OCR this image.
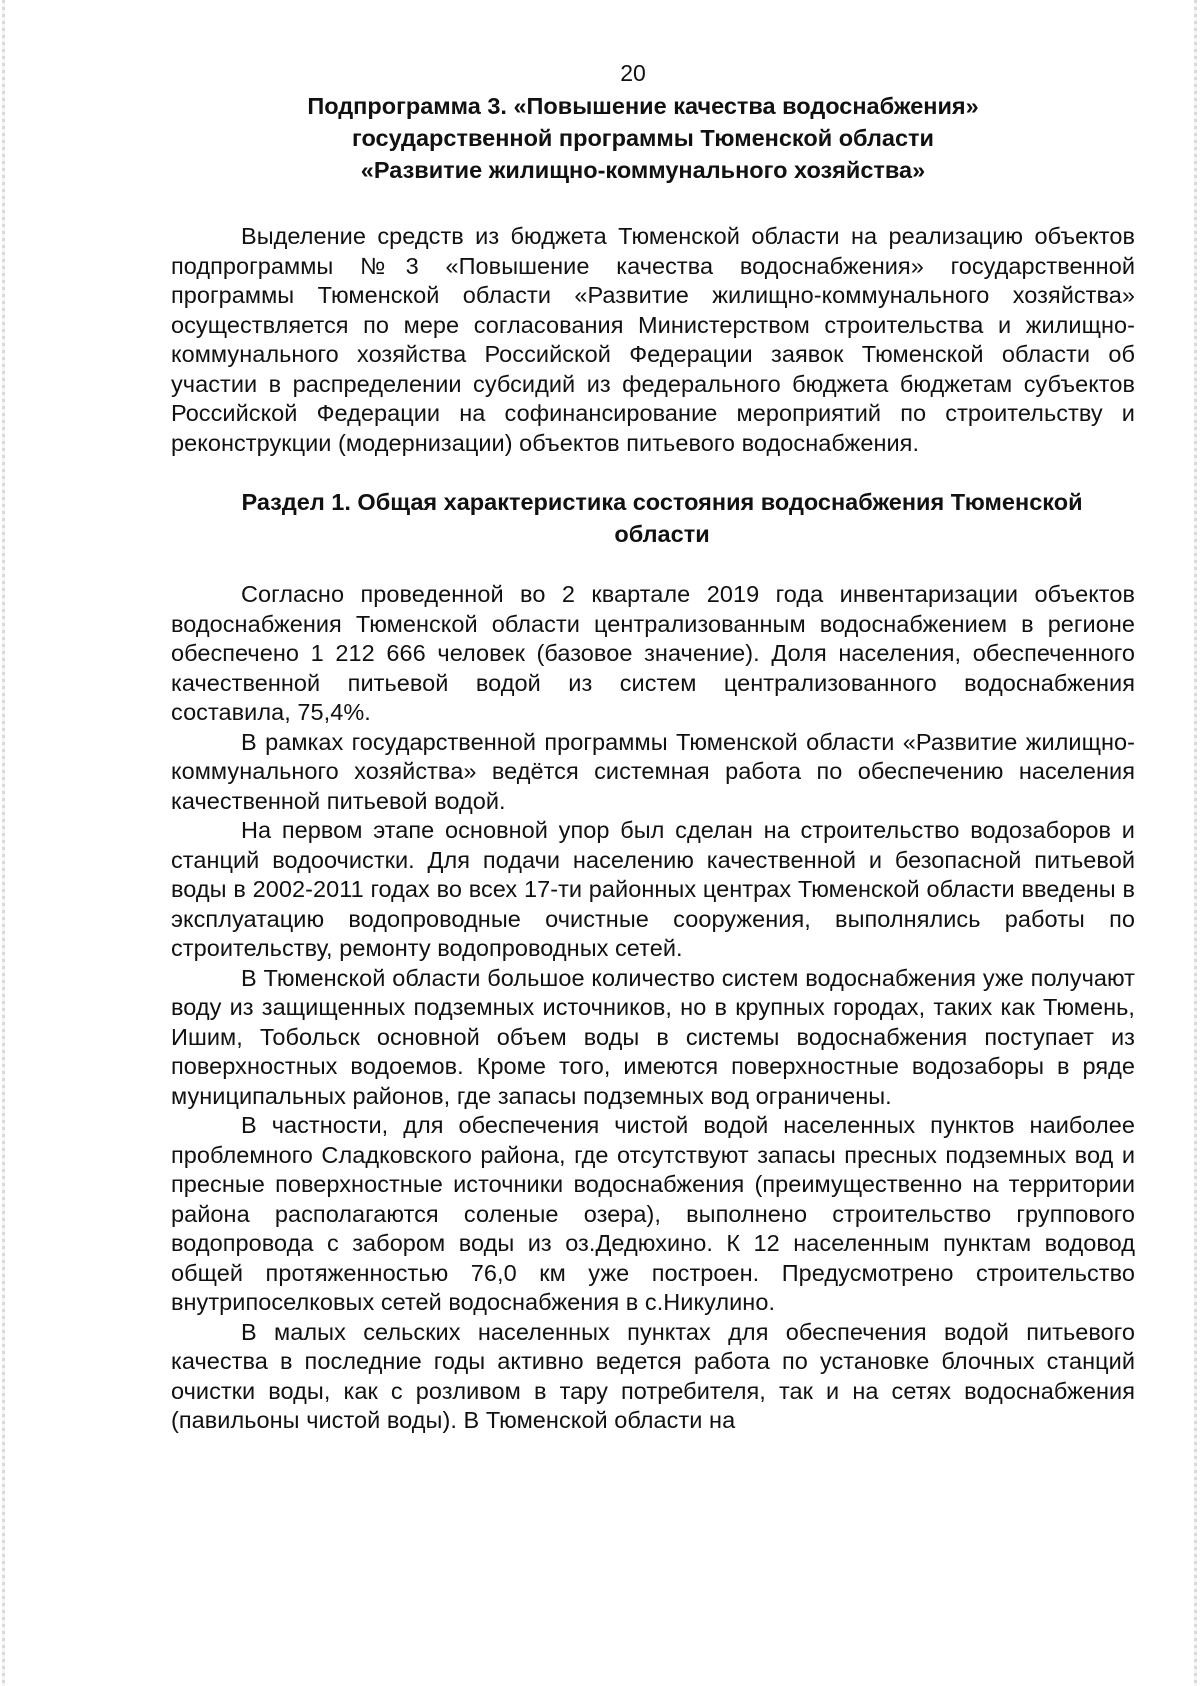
20
Подпрограмма 3. «Повышение качества водоснабжения»
государственной программы Тюменской области
«Развитие жилищно-коммунального хозяйства»

Выделение средств из бюджета Тюменской области на реализацию объектов подпрограммы №3 «Повышение качества водоснабжения» государственной программы Тюменской области «Развитие жилищно-коммунального хозяйства» осуществляется по мере согласования Министерством строительства и жилищно-коммунального хозяйства Российской Федерации заявок Тюменской области об участии в распределении субсидий из федерального бюджета бюджетам субъектов Российской Федерации на софинансирование мероприятий по строительству и реконструкции (модернизации) объектов питьевого водоснабжения.

Раздел 1. Общая характеристика состояния водоснабжения Тюменской
области

Согласно проведенной во 2 квартале 2019 года инвентаризации объектов водоснабжения Тюменской области централизованным водоснабжением в регионе обеспечено 1 212 666 человек (базовое значение). Доля населения, обеспеченного качественной питьевой водой из систем централизованного водоснабжения составила, 75,4%.

В рамках государственной программы Тюменской области «Развитие жилищно-коммунального хозяйства» ведётся системная работа по обеспечению населения качественной питьевой водой.

На первом этапе основной упор был сделан на строительство водозаборов и станций водоочистки. Для подачи населению качественной и безопасной питьевой воды в 2002-2011 годах во всех 17-ти районных центрах Тюменской области введены в эксплуатацию водопроводные очистные сооружения, выполнялись работы по строительству, ремонту водопроводных сетей.

В Тюменской области большое количество систем водоснабжения уже получают воду из защищенных подземных источников, но в крупных городах, таких как Тюмень, Ишим, Тобольск основной объем воды в системы водоснабжения поступает из поверхностных водоемов. Кроме того, имеются поверхностные водозаборы в ряде муниципальных районов, где запасы подземных вод ограничены.

В частности, для обеспечения чистой водой населенных пунктов наиболее проблемного Сладковского района, где отсутствуют запасы пресных подземных вод и пресные поверхностные источники водоснабжения (преимущественно на территории района располагаются соленые озера), выполнено строительство группового водопровода с забором воды из оз.Дедюхино. К 12 населенным пунктам водовод общей протяженностью 76,0 км уже построен. Предусмотрено строительство внутрипоселковых сетей водоснабжения в с.Никулино.

В малых сельских населенных пунктах для обеспечения водой питьевого качества в последние годы активно ведется работа по установке блочных станций очистки воды, как с розливом в тару потребителя, так и на сетях водоснабжения (павильоны чистой воды). В Тюменской области на
